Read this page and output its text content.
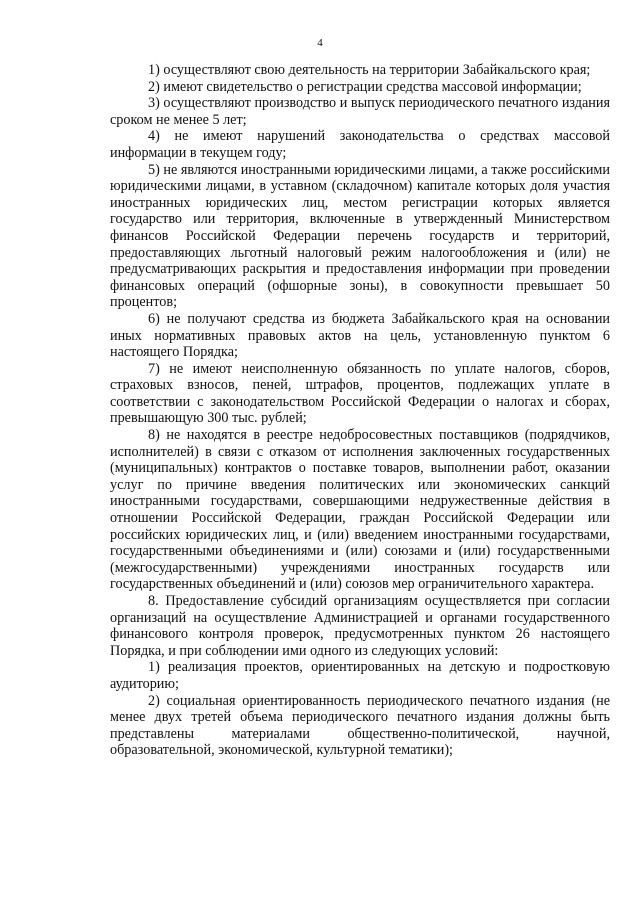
4

1) осуществляют свою деятельность на территории Забайкальского края;

2) имеют свидетельство о регистрации средства массовой информации;

3) осуществляют производство и выпуск периодического печатного издания сроком не менее 5 лет;

4) не имеют нарушений законодательства о средствах массовой информации в текущем году;

5) не являются иностранными юридическими лицами, а также российскими юридическими лицами, в уставном (складочном) капитале которых доля участия иностранных юридических лиц, местом регистрации которых является государство или территория, включенные в утвержденный Министерством финансов Российской Федерации перечень государств и территорий, предоставляющих льготный налоговый режим налогообложения и (или) не предусматривающих раскрытия и предоставления информации при проведении финансовых операций (офшорные зоны), в совокупности превышает 50 процентов;

6) не получают средства из бюджета Забайкальского края на основании иных нормативных правовых актов на цель, установленную пунктом 6 настоящего Порядка;

7) не имеют неисполненную обязанность по уплате налогов, сборов, страховых взносов, пеней, штрафов, процентов, подлежащих уплате в соответствии с законодательством Российской Федерации о налогах и сборах, превышающую 300 тыс. рублей;

8) не находятся в реестре недобросовестных поставщиков (подрядчиков, исполнителей) в связи с отказом от исполнения заключенных государственных (муниципальных) контрактов о поставке товаров, выполнении работ, оказании услуг по причине введения политических или экономических санкций иностранными государствами, совершающими недружественные действия в отношении Российской Федерации, граждан Российской Федерации или российских юридических лиц, и (или) введением иностранными государствами, государственными объединениями и (или) союзами и (или) государственными (межгосударственными) учреждениями иностранных государств или государственных объединений и (или) союзов мер ограничительного характера.

8. Предоставление субсидий организациям осуществляется при согласии организаций на осуществление Администрацией и органами государственного финансового контроля проверок, предусмотренных пунктом 26 настоящего Порядка, и при соблюдении ими одного из следующих условий:

1) реализация проектов, ориентированных на детскую и подростковую аудиторию;

2) социальная ориентированность периодического печатного издания (не менее двух третей объема периодического печатного издания должны быть представлены материалами общественно-политической, научной, образовательной, экономической, культурной тематики);
